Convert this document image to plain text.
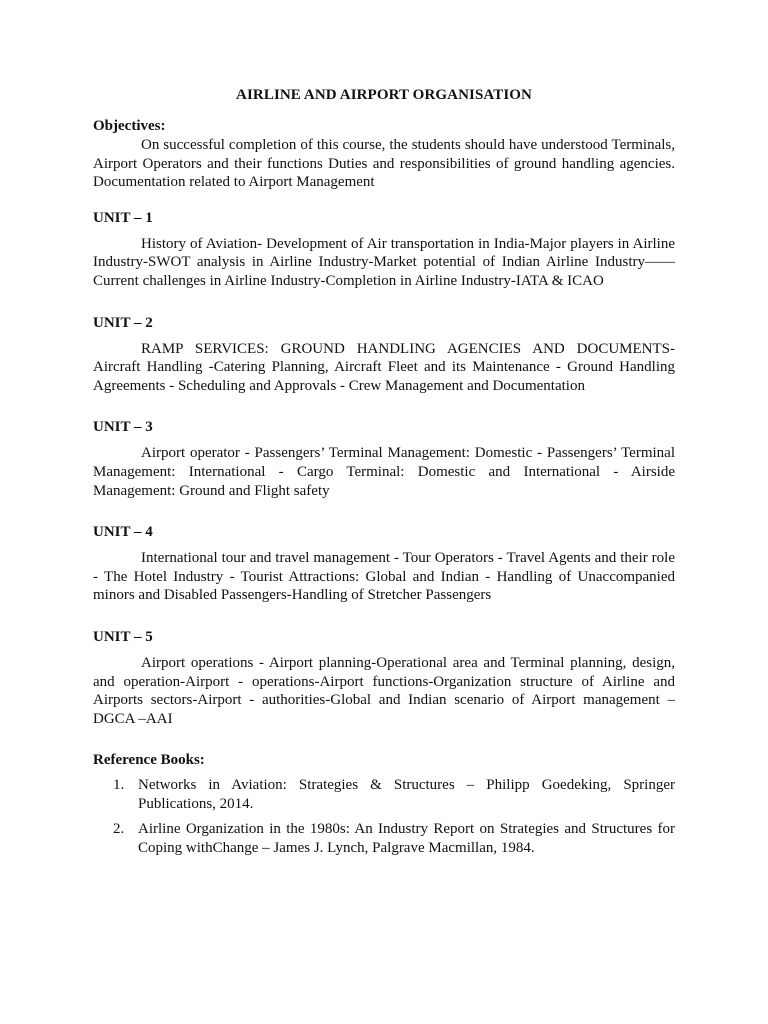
AIRLINE AND AIRPORT ORGANISATION

Objectives:

On successful completion of this course, the students should have understood Terminals, Airport Operators and their functions Duties and responsibilities of ground handling agencies. Documentation related to Airport Management

UNIT – 1

History of Aviation- Development of Air transportation in India-Major players in Airline Industry-SWOT analysis in Airline Industry-Market potential of Indian Airline Industry——Current challenges in Airline Industry-Completion in Airline Industry-IATA & ICAO

UNIT – 2

RAMP SERVICES: GROUND HANDLING AGENCIES AND DOCUMENTS- Aircraft Handling -Catering Planning, Aircraft Fleet and its Maintenance - Ground Handling Agreements - Scheduling and Approvals - Crew Management and Documentation

UNIT – 3

Airport operator - Passengers’ Terminal Management: Domestic - Passengers’ Terminal Management: International - Cargo Terminal: Domestic and International - Airside Management: Ground and Flight safety

UNIT – 4

International tour and travel management - Tour Operators - Travel Agents and their role - The Hotel Industry - Tourist Attractions: Global and Indian - Handling of Unaccompanied minors and Disabled Passengers-Handling of Stretcher Passengers

UNIT – 5

Airport operations - Airport planning-Operational area and Terminal planning, design, and operation-Airport - operations-Airport functions-Organization structure of Airline and Airports sectors-Airport - authorities-Global and Indian scenario of Airport management – DGCA –AAI

Reference Books:

1. Networks in Aviation: Strategies & Structures – Philipp Goedeking, Springer Publications, 2014.
2. Airline Organization in the 1980s: An Industry Report on Strategies and Structures for Coping withChange – James J. Lynch, Palgrave Macmillan, 1984.
